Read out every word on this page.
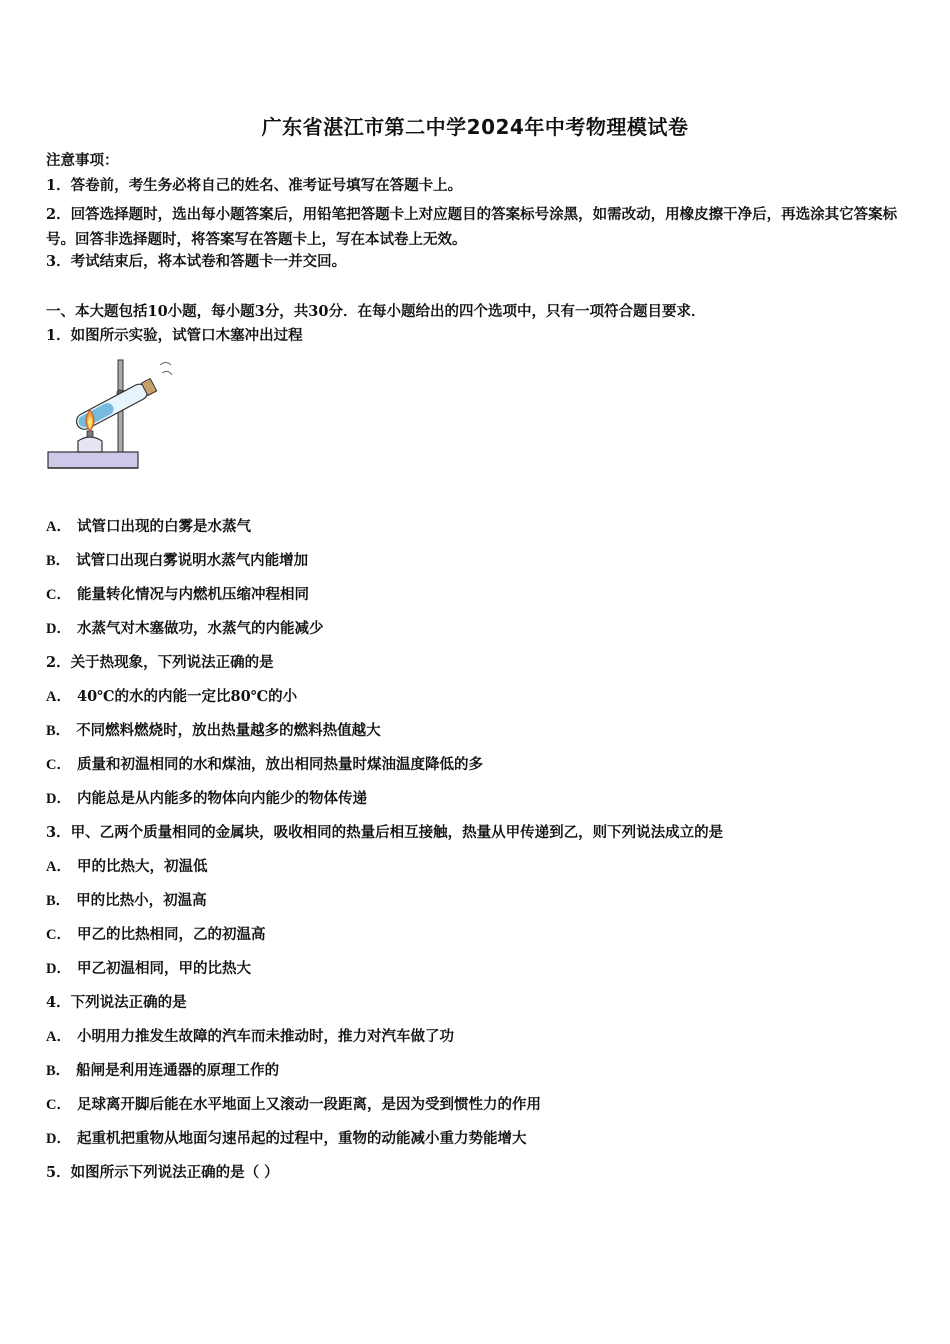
广东省湛江市第二中学2024年中考物理模试卷
注意事项：
1．答卷前，考生务必将自己的姓名、准考证号填写在答题卡上。
2．回答选择题时，选出每小题答案后，用铅笔把答题卡上对应题目的答案标号涂黑，如需改动，用橡皮擦干净后，再选涂其它答案标号。回答非选择题时，将答案写在答题卡上，写在本试卷上无效。
3．考试结束后，将本试卷和答题卡一并交回。
一、本大题包括10小题，每小题3分，共30分．在每小题给出的四个选项中，只有一项符合题目要求．
1．如图所示实验，试管口木塞冲出过程
A． 试管口出现的白雾是水蒸气
B． 试管口出现白雾说明水蒸气内能增加
C． 能量转化情况与内燃机压缩冲程相同
D． 水蒸气对木塞做功，水蒸气的内能减少
2．关于热现象，下列说法正确的是
A． 40℃的水的内能一定比80℃的小
B． 不同燃料燃烧时，放出热量越多的燃料热值越大
C． 质量和初温相同的水和煤油，放出相同热量时煤油温度降低的多
D． 内能总是从内能多的物体向内能少的物体传递
3．甲、乙两个质量相同的金属块，吸收相同的热量后相互接触，热量从甲传递到乙，则下列说法成立的是
A． 甲的比热大，初温低
B． 甲的比热小，初温高
C． 甲乙的比热相同，乙的初温高
D． 甲乙初温相同，甲的比热大
4．下列说法正确的是
A． 小明用力推发生故障的汽车而未推动时，推力对汽车做了功
B． 船闸是利用连通器的原理工作的
C． 足球离开脚后能在水平地面上又滚动一段距离，是因为受到惯性力的作用
D． 起重机把重物从地面匀速吊起的过程中，重物的动能减小重力势能增大
5．如图所示下列说法正确的是（ ）
